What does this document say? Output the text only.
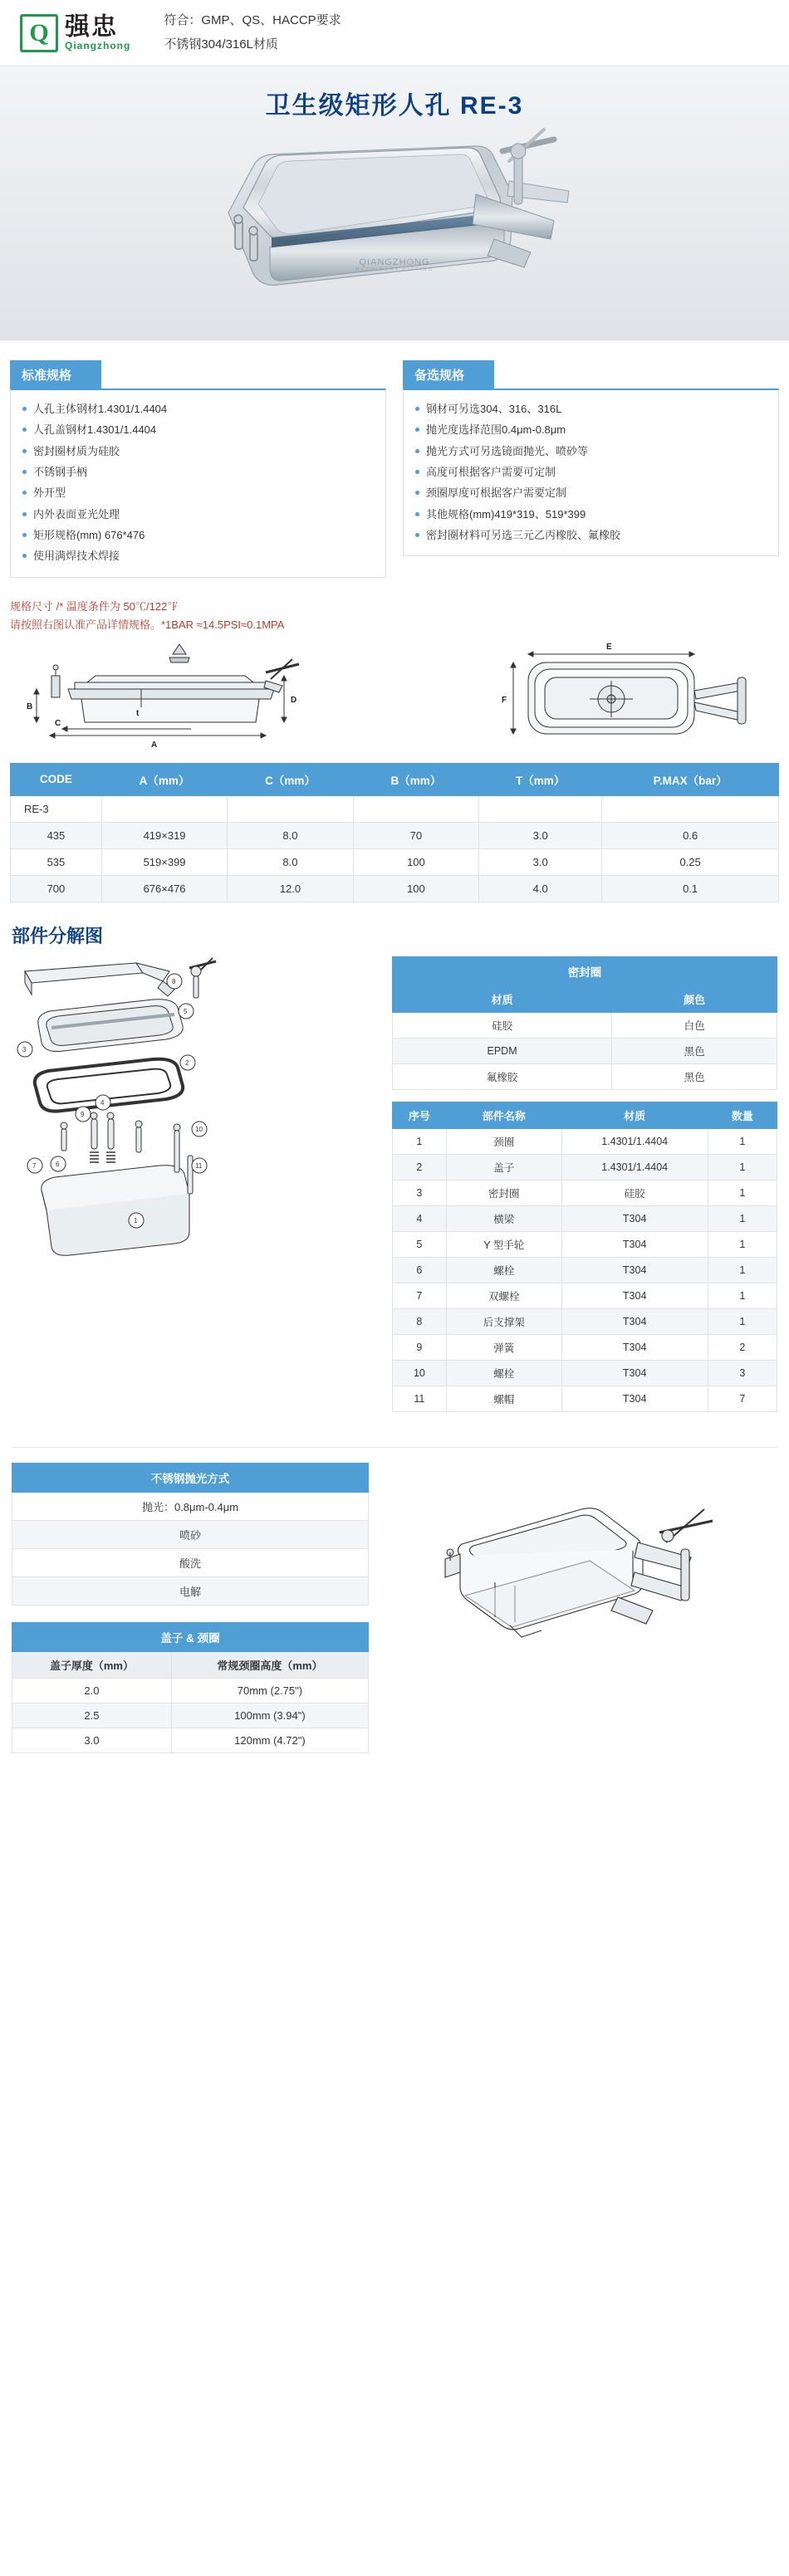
Q 强忠
Qiangzhong
符合：GMP、QS、HACCP要求
不锈钢304/316L材质
卫生级矩形人孔 RE-3
QIANGZHONG
MACHINERY FITTING
标准规格
人孔主体钢材1.4301/1.4404
人孔盖钢材1.4301/1.4404
密封圈材质为硅胶
不锈钢手柄
外开型
内外表面亚光处理
矩形规格(mm) 676*476
使用满焊技术焊接
备选规格
钢材可另选304、316、316L
抛光度选择范围0.4μm-0.8μm
抛光方式可另选镜面抛光、喷砂等
高度可根据客户需要可定制
颈圈厚度可根据客户需要定制
其他规格(mm)419*319、519*399
密封圈材料可另选三元乙丙橡胶、氟橡胶
规格尺寸 /* 温度条件为 50℃/122℉
请按照右图认准产品详情规格。*1BAR ≈14.5PSI≈0.1MPA
A
B
C
D
t
E
F
CODE	A（mm）	C（mm）	B（mm）	T（mm）	P.MAX（bar）
RE-3					
435	419×319	8.0	70	3.0	0.6
535	519×399	8.0	100	3.0	0.25
700	676×476	12.0	100	4.0	0.1
部件分解图
8
5
2
4
9
6
7
3
10
11
1
密封圈	
材质	颜色
硅胶	白色
EPDM	黑色
氟橡胶	黑色
序号	部件名称	材质	数量
1	颈圈	1.4301/1.4404	1
2	盖子	1.4301/1.4404	1
3	密封圈	硅胶	1
4	横梁	T304	1
5	Y 型手轮	T304	1
6	螺栓	T304	1
7	双螺栓	T304	1
8	后支撑架	T304	1
9	弹簧	T304	2
10	螺栓	T304	3
11	螺帽	T304	7
不锈钢抛光方式
抛光：0.8μm-0.4μm
喷砂
酸洗
电解
盖子 & 颈圈	
盖子厚度（mm）	常规颈圈高度（mm）
2.0	70mm (2.75")
2.5	100mm (3.94")
3.0	120mm (4.72")
